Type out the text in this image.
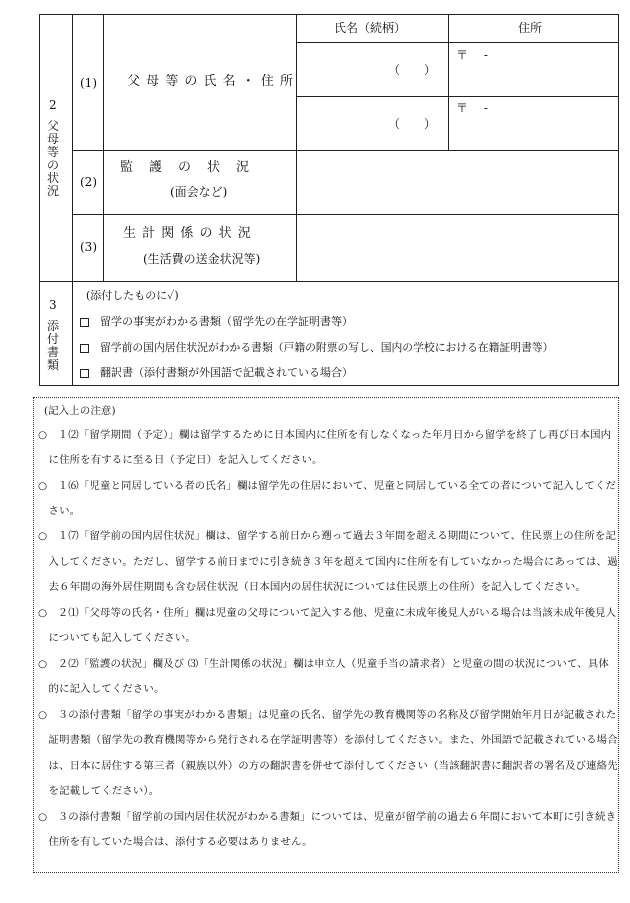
2
父
母
等
の
状
況
氏名（続柄）	住所
(1) 父 母 等 の 氏 名 ・ 住 所
（　　）
（　　）
〒　 -
〒　 -
(2)
監　護　の　状　況
(面会など)
(3)
生 計 関 係 の 状 況
(生活費の送金状況等)
3
添
付
書
類
(添付したものに✓)
留学の事実がわかる書類（留学先の在学証明書等）
留学前の国内居住状況がわかる書類（戸籍の附票の写し、国内の学校における在籍証明書等）
翻訳書（添付書類が外国語で記載されている場合）
(記入上の注意)
○　１⑵「留学期間（予定）」欄は留学するために日本国内に住所を有しなくなった年月日から留学を終了し再び日本国内
　に住所を有するに至る日（予定日）を記入してください。
○　１⑹「児童と同居している者の氏名」欄は留学先の住居において、児童と同居している全ての者について記入してくだ
　さい。
○　１⑺「留学前の国内居住状況」欄は、留学する前日から遡って過去３年間を超える期間について、住民票上の住所を記
　入してください。ただし、留学する前日までに引き続き３年を超えて国内に住所を有していなかった場合にあっては、過
　去６年間の海外居住期間も含む居住状況（日本国内の居住状況については住民票上の住所）を記入してください。
○　２⑴「父母等の氏名・住所」欄は児童の父母について記入する他、児童に未成年後見人がいる場合は当該未成年後見人
　についても記入してください。
○　２⑵「監護の状況」欄及び ⑶「生計関係の状況」欄は申立人（児童手当の請求者）と児童の間の状況について、具体
　的に記入してください。
○　３の添付書類「留学の事実がわかる書類」は児童の氏名、留学先の教育機関等の名称及び留学開始年月日が記載された
　証明書類（留学先の教育機関等から発行される在学証明書等）を添付してください。また、外国語で記載されている場合
　は、日本に居住する第三者（親族以外）の方の翻訳書を併せて添付してください（当該翻訳書に翻訳者の署名及び連絡先
　を記載してください）。
○　３の添付書類「留学前の国内居住状況がわかる書類」については、児童が留学前の過去６年間において本町に引き続き
　住所を有していた場合は、添付する必要はありません。
